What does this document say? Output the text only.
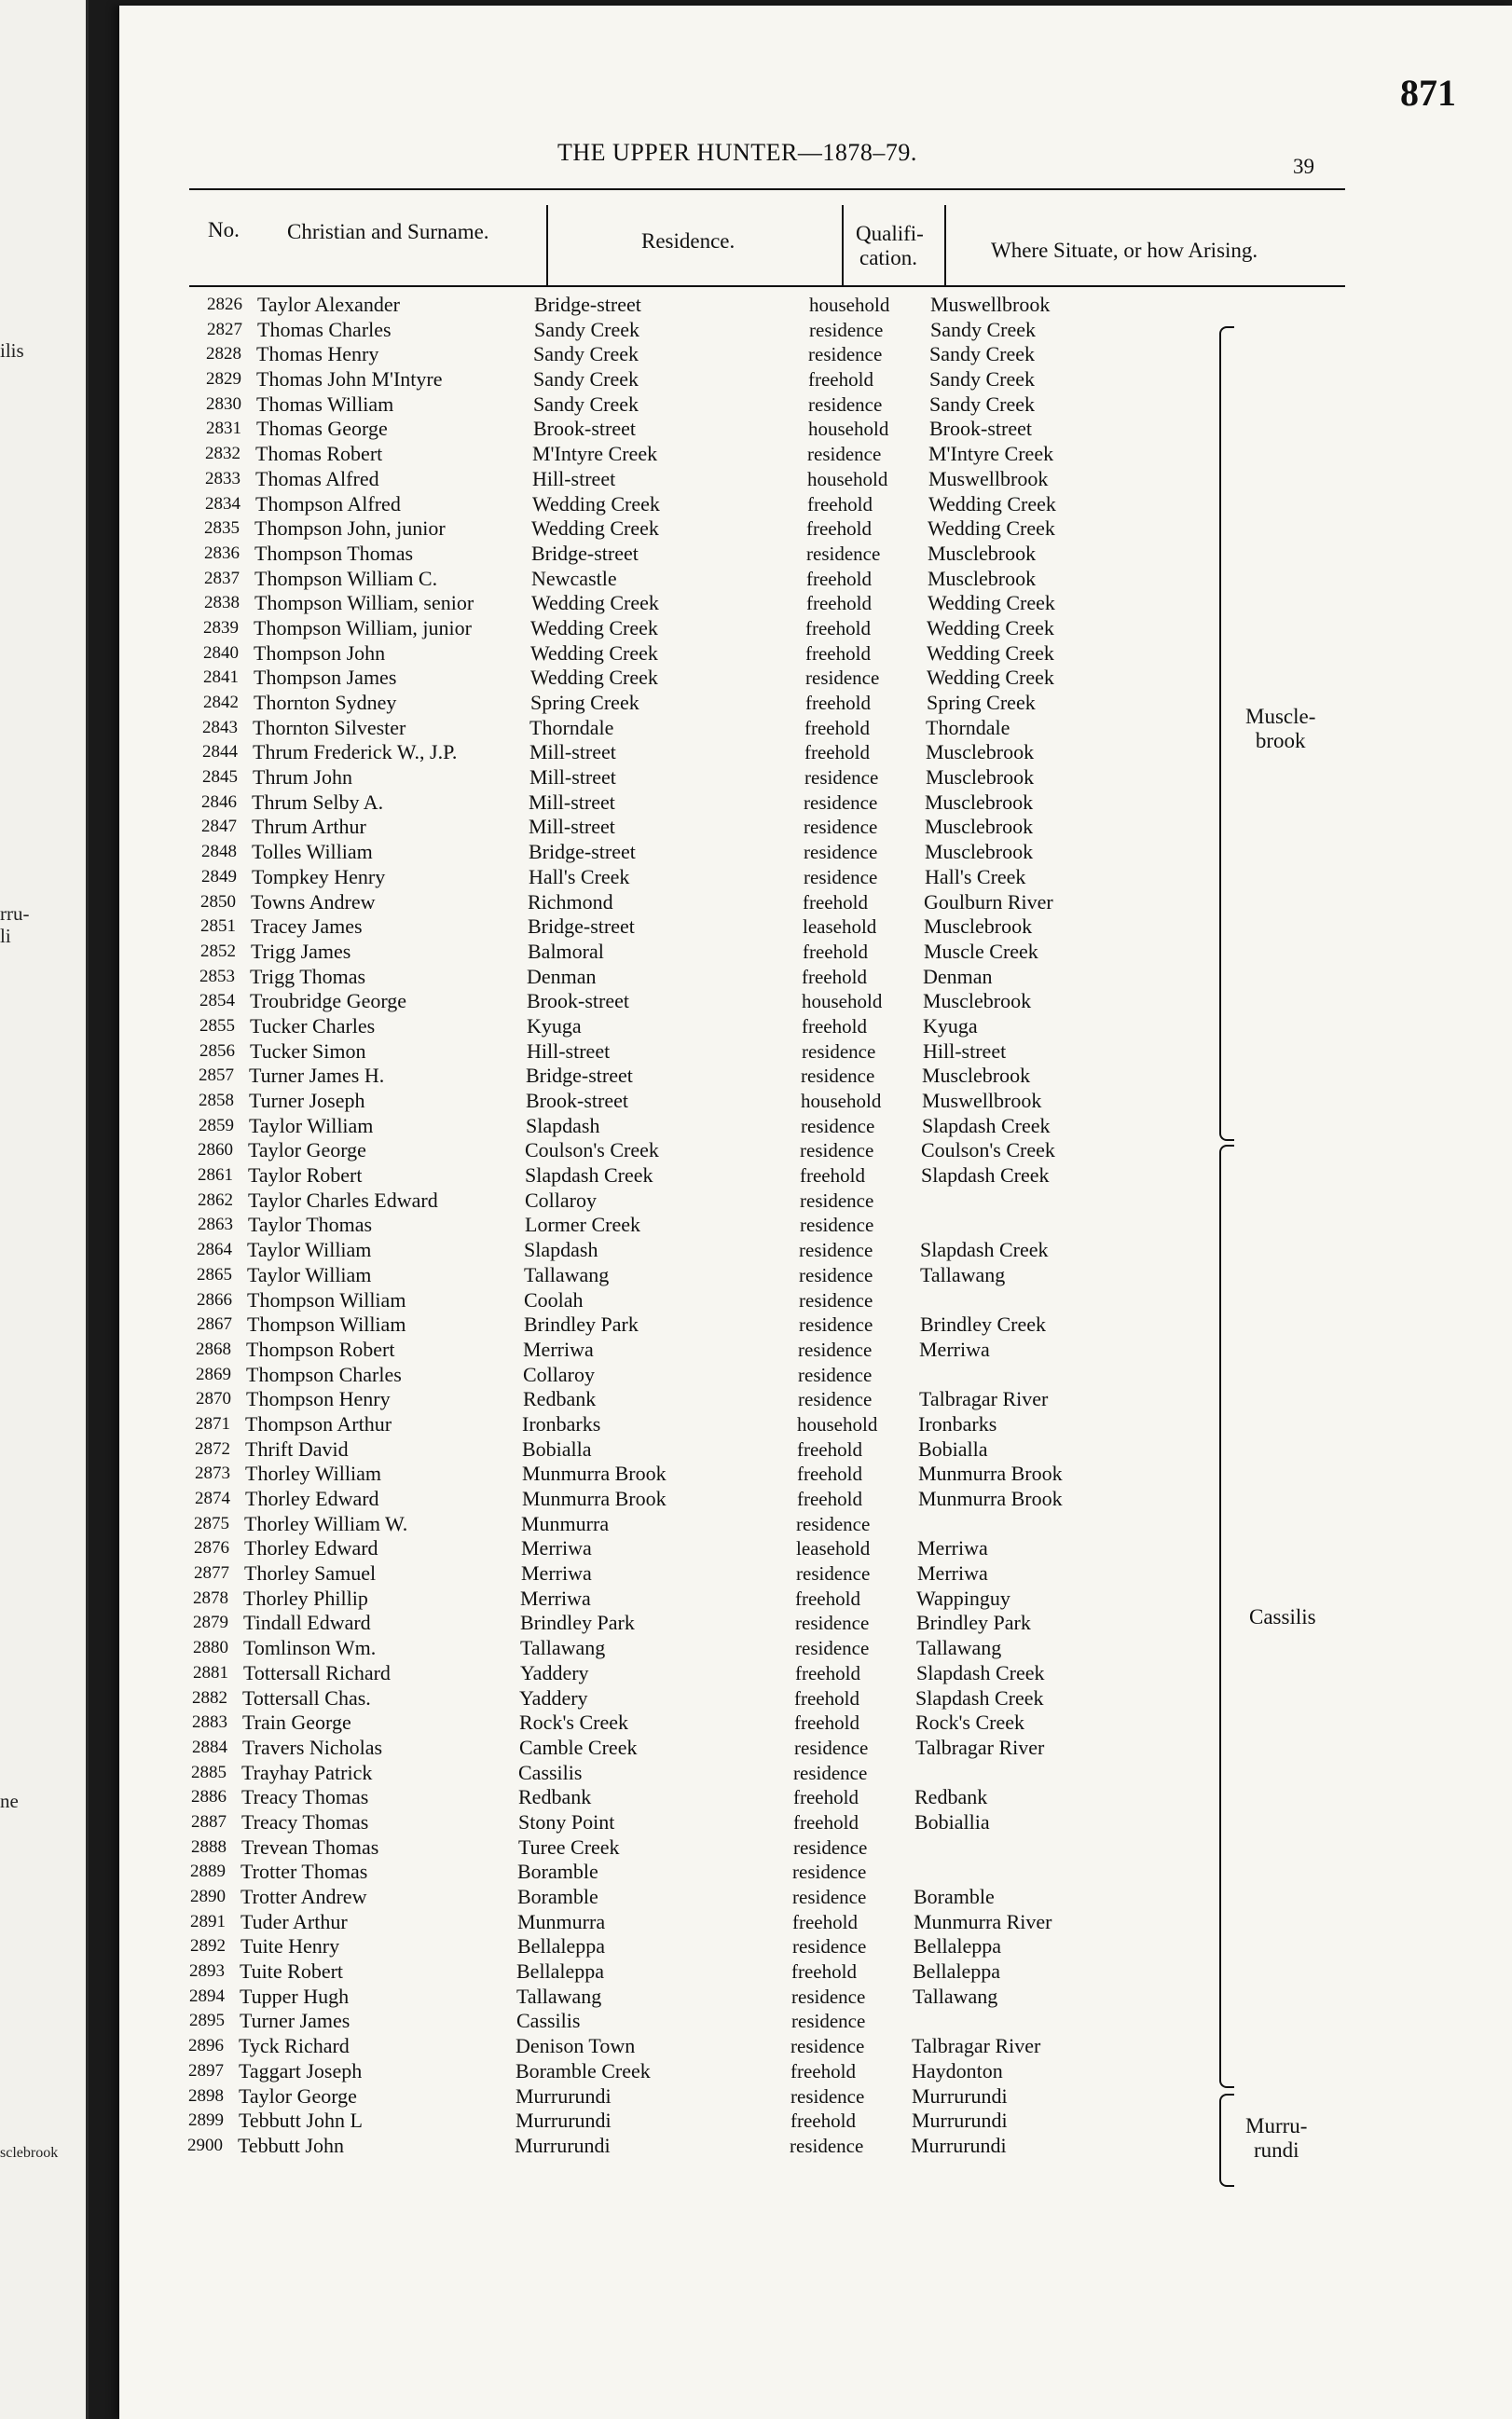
ilis
rru-
li
ne
sclebrook
871
THE UPPER HUNTER—1878–79.
39
No. Christian and Surname.	Residence.	Qualifi-
cation.	Where Situate, or how Arising.
2826 Taylor Alexander	Bridge-street	household Muswellbrook
2827 Thomas Charles	Sandy Creek	residence Sandy Creek
2828 Thomas Henry	Sandy Creek	residence Sandy Creek
2829 Thomas John M'Intyre	Sandy Creek	freehold	Sandy Creek
2830 Thomas William	Sandy Creek	residence Sandy Creek
2831 Thomas George	Brook-street	household Brook-street
2832 Thomas Robert	M'Intyre Creek	residence M'Intyre Creek
2833 Thomas Alfred	Hill-street	household Muswellbrook
2834 Thompson Alfred	Wedding Creek	freehold	Wedding Creek
2835 Thompson John, junior	Wedding Creek	freehold	Wedding Creek
2836 Thompson Thomas	Bridge-street	residence Musclebrook
2837 Thompson William C.	Newcastle	freehold	Musclebrook
2838 Thompson William, senior	Wedding Creek	freehold	Wedding Creek
2839 Thompson William, junior	Wedding Creek	freehold	Wedding Creek
2840 Thompson John	Wedding Creek	freehold	Wedding Creek
2841 Thompson James	Wedding Creek	residence Wedding Creek
2842 Thornton Sydney	Spring Creek	freehold	Spring Creek
2843 Thornton Silvester	Thorndale	freehold	Thorndale
2844 Thrum Frederick W., J.P.	Mill-street	freehold	Musclebrook
2845 Thrum John	Mill-street	residence Musclebrook
2846 Thrum Selby A.	Mill-street	residence Musclebrook
2847 Thrum Arthur	Mill-street	residence Musclebrook
2848 Tolles William	Bridge-street	residence Musclebrook
2849 Tompkey Henry	Hall's Creek	residence Hall's Creek
2850 Towns Andrew	Richmond	freehold	Goulburn River
2851 Tracey James	Bridge-street	leasehold Musclebrook
2852 Trigg James	Balmoral	freehold	Muscle Creek
2853 Trigg Thomas	Denman	freehold	Denman
2854 Troubridge George	Brook-street	household Musclebrook
2855 Tucker Charles	Kyuga	freehold	Kyuga
2856 Tucker Simon	Hill-street	residence Hill-street
2857 Turner James H.	Bridge-street	residence Musclebrook
2858 Turner Joseph	Brook-street	household Muswellbrook
2859 Taylor William	Slapdash	residence Slapdash Creek
2860 Taylor George	Coulson's Creek	residence Coulson's Creek
2861 Taylor Robert	Slapdash Creek	freehold	Slapdash Creek
2862 Taylor Charles Edward	Collaroy	residence
2863 Taylor Thomas	Lormer Creek	residence
2864 Taylor William	Slapdash	residence Slapdash Creek
2865 Taylor William	Tallawang	residence Tallawang
2866 Thompson William	Coolah	residence
2867 Thompson William	Brindley Park	residence Brindley Creek
2868 Thompson Robert	Merriwa	residence Merriwa
2869 Thompson Charles	Collaroy	residence
2870 Thompson Henry	Redbank	residence Talbragar River
2871 Thompson Arthur	Ironbarks	household Ironbarks
2872 Thrift David	Bobialla	freehold	Bobialla
2873 Thorley William	Munmurra Brook	freehold	Munmurra Brook
2874 Thorley Edward	Munmurra Brook	freehold	Munmurra Brook
2875 Thorley William W.	Munmurra	residence
2876 Thorley Edward	Merriwa	leasehold Merriwa
2877 Thorley Samuel	Merriwa	residence Merriwa
2878 Thorley Phillip	Merriwa	freehold	Wappinguy
2879 Tindall Edward	Brindley Park	residence Brindley Park
2880 Tomlinson Wm.	Tallawang	residence Tallawang
2881 Tottersall Richard	Yaddery	freehold	Slapdash Creek
2882 Tottersall Chas.	Yaddery	freehold	Slapdash Creek
2883 Train George	Rock's Creek	freehold	Rock's Creek
2884 Travers Nicholas	Camble Creek	residence Talbragar River
2885 Trayhay Patrick	Cassilis	residence
2886 Treacy Thomas	Redbank	freehold	Redbank
2887 Treacy Thomas	Stony Point	freehold	Bobiallia
2888 Trevean Thomas	Turee Creek	residence
2889 Trotter Thomas	Boramble	residence
2890 Trotter Andrew	Boramble	residence Boramble
2891 Tuder Arthur	Munmurra	freehold	Munmurra River
2892 Tuite Henry	Bellaleppa	residence Bellaleppa
2893 Tuite Robert	Bellaleppa	freehold	Bellaleppa
2894 Tupper Hugh	Tallawang	residence Tallawang
2895 Turner James	Cassilis	residence
2896 Tyck Richard	Denison Town	residence Talbragar River
2897 Taggart Joseph	Boramble Creek	freehold	Haydonton
2898 Taylor George	Murrurundi	residence Murrurundi
2899 Tebbutt John L	Murrurundi	freehold	Murrurundi
2900 Tebbutt John	Murrurundi	residence Murrurundi
Muscle-
brook
Cassilis
Murru-
rundi
